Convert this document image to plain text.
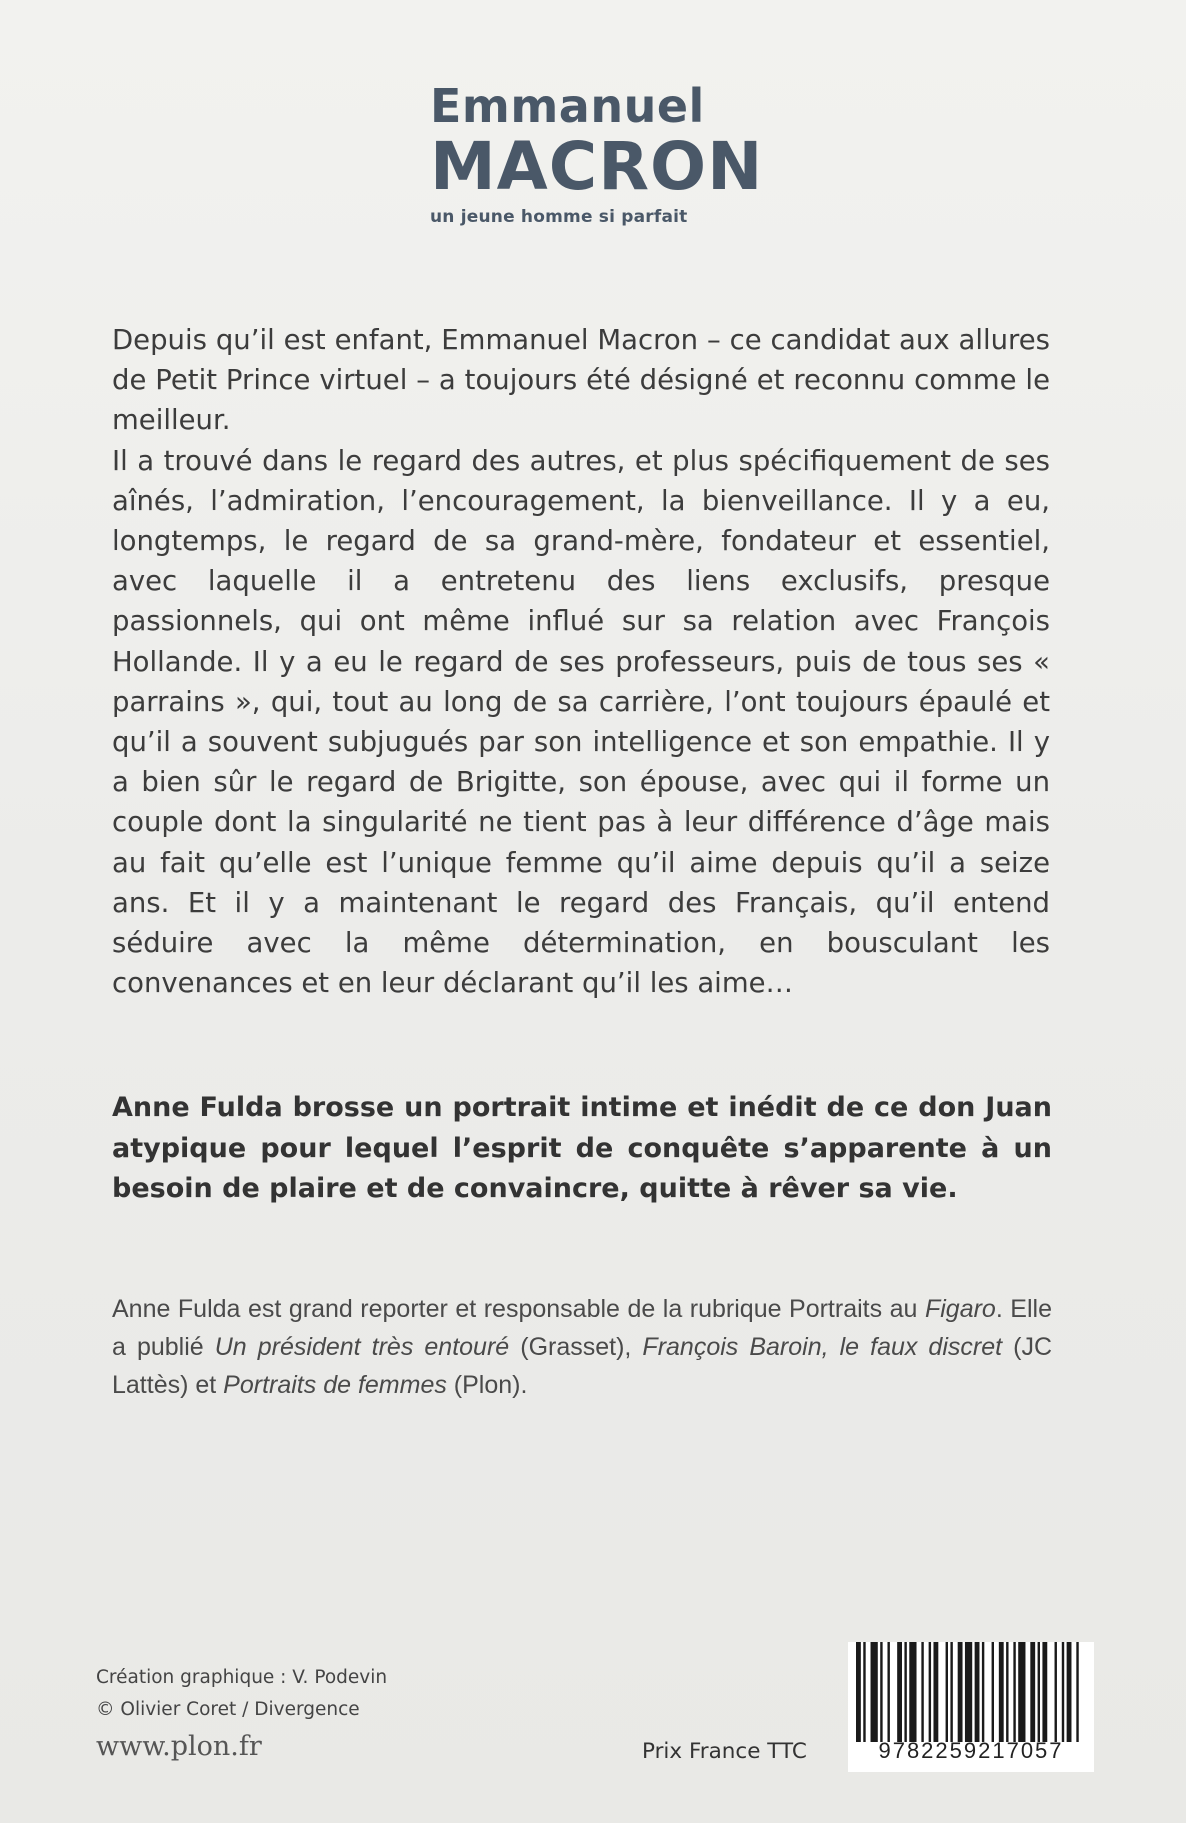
Emmanuel
MACRON
un jeune homme si parfait

Depuis qu’il est enfant, Emmanuel Macron – ce candidat aux allures de Petit Prince virtuel – a toujours été désigné et reconnu comme le meilleur.

Il a trouvé dans le regard des autres, et plus spécifiquement de ses aînés, l’admiration, l’encouragement, la bienveillance. Il y a eu, longtemps, le regard de sa grand-mère, fondateur et essentiel, avec laquelle il a entretenu des liens exclusifs, presque passionnels, qui ont même influé sur sa relation avec François Hollande. Il y a eu le regard de ses professeurs, puis de tous ses « parrains », qui, tout au long de sa carrière, l’ont toujours épaulé et qu’il a souvent subjugués par son intelligence et son empathie. Il y a bien sûr le regard de Brigitte, son épouse, avec qui il forme un couple dont la singularité ne tient pas à leur différence d’âge mais au fait qu’elle est l’unique femme qu’il aime depuis qu’il a seize ans. Et il y a maintenant le regard des Français, qu’il entend séduire avec la même détermination, en bousculant les convenances et en leur déclarant qu’il les aime…

Anne Fulda brosse un portrait intime et inédit de ce don Juan atypique pour lequel l’esprit de conquête s’apparente à un besoin de plaire et de convaincre, quitte à rêver sa vie.

Anne Fulda est grand reporter et responsable de la rubrique Portraits au Figaro. Elle a publié Un président très entouré (Grasset), François Baroin, le faux discret (JC Lattès) et Portraits de femmes (Plon).

Création graphique : V. Podevin
© Olivier Coret / Divergence
www.plon.fr	Prix France TTC	9782259217057
